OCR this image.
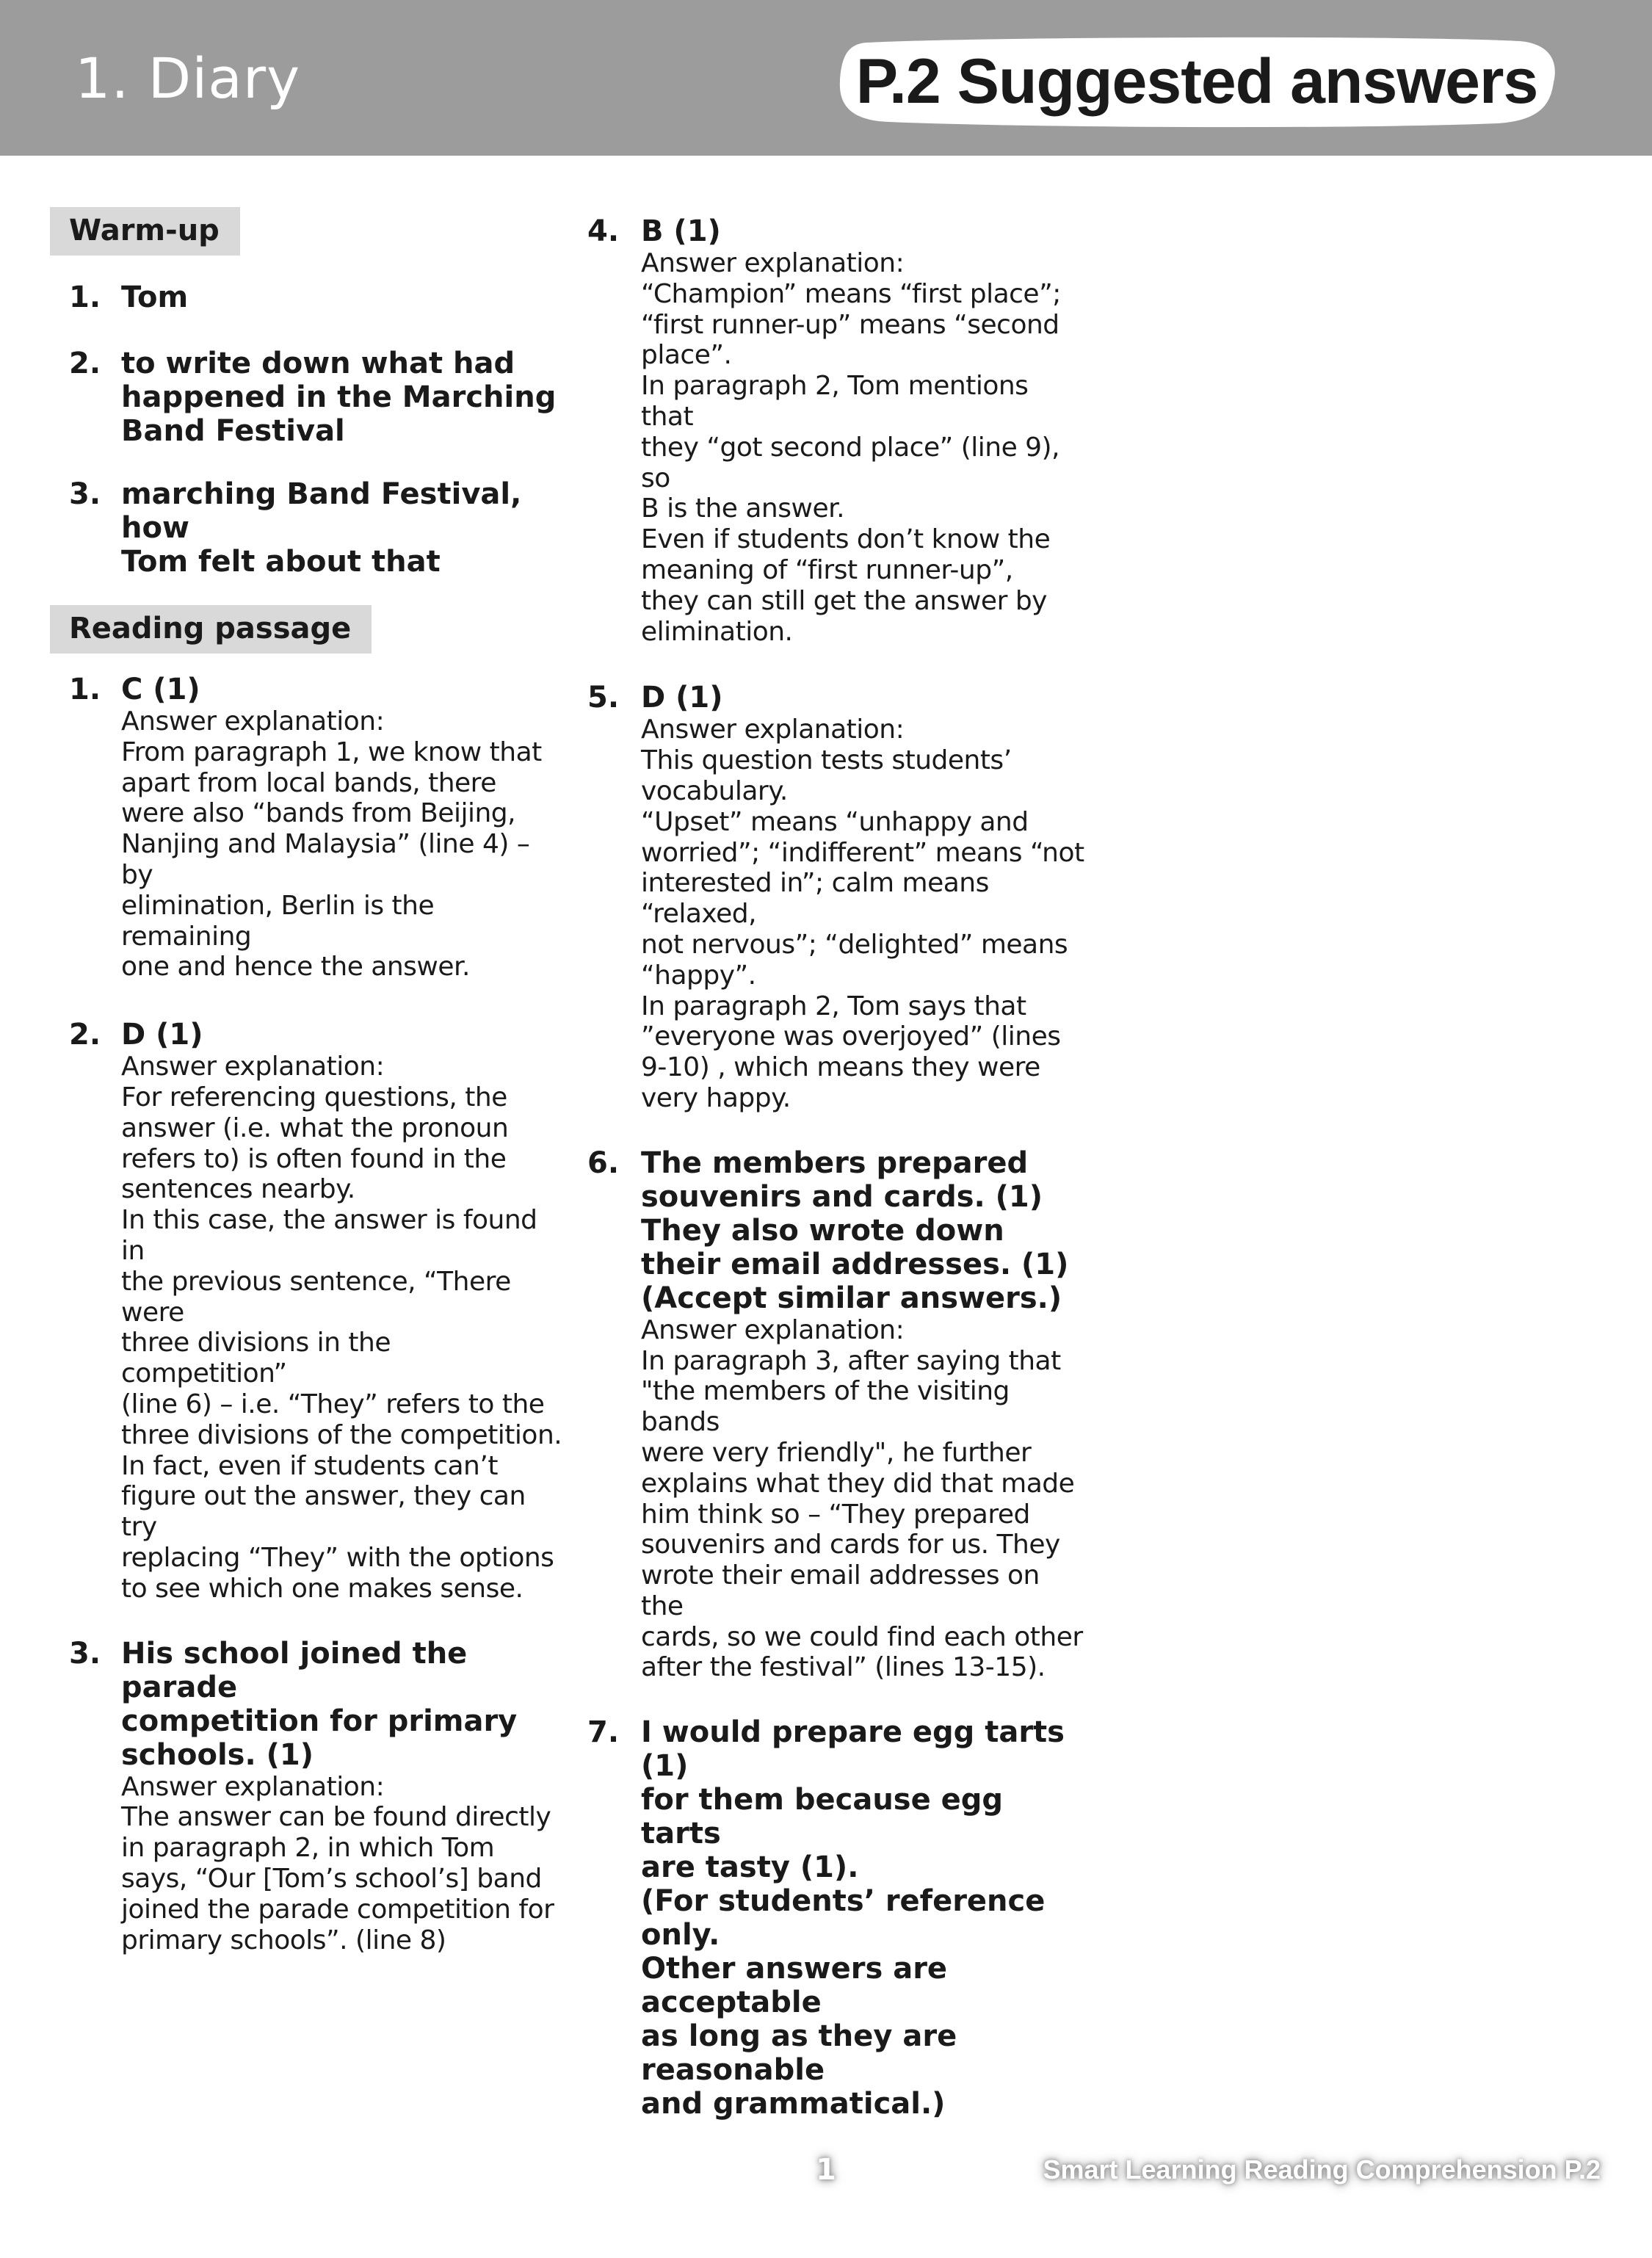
1. Diary	P.2 Suggested answers
Warm-up
1. Tom
2. to write down what had
happened in the Marching
Band Festival
3. marching Band Festival, how
Tom felt about that
Reading passage
1. C (1)
Answer explanation:
From paragraph 1, we know that
apart from local bands, there
were also “bands from Beijing,
Nanjing and Malaysia” (line 4) – by
elimination, Berlin is the remaining
one and hence the answer.
2. D (1)
Answer explanation:
For referencing questions, the
answer (i.e. what the pronoun
refers to) is often found in the
sentences nearby.
In this case, the answer is found in
the previous sentence, “There were
three divisions in the competition”
(line 6) – i.e. “They” refers to the
three divisions of the competition.
In fact, even if students can’t
figure out the answer, they can try
replacing “They” with the options
to see which one makes sense.
3. His school joined the parade
competition for primary
schools. (1)
Answer explanation:
The answer can be found directly
in paragraph 2, in which Tom
says, “Our [Tom’s school’s] band
joined the parade competition for
primary schools”. (line 8)
4. B (1)
Answer explanation:
“Champion” means “first place”;
“first runner-up” means “second
place”.
In paragraph 2, Tom mentions that
they “got second place” (line 9), so
B is the answer.
Even if students don’t know the
meaning of “first runner-up”,
they can still get the answer by
elimination.
5. D (1)
Answer explanation:
This question tests students’
vocabulary.
“Upset” means “unhappy and
worried”; “indifferent” means “not
interested in”; calm means “relaxed,
not nervous”; “delighted” means
“happy”.
In paragraph 2, Tom says that
”everyone was overjoyed” (lines
9-10) , which means they were
very happy.
6. The members prepared
souvenirs and cards. (1)
They also wrote down
their email addresses. (1)
(Accept similar answers.)
Answer explanation:
In paragraph 3, after saying that
"the members of the visiting bands
were very friendly", he further
explains what they did that made
him think so – “They prepared
souvenirs and cards for us. They
wrote their email addresses on the
cards, so we could find each other
after the festival” (lines 13-15).
7. I would prepare egg tarts (1)
for them because egg tarts
are tasty (1).
(For students’ reference only.
Other answers are acceptable
as long as they are reasonable
and grammatical.)
1	Smart Learning Reading Comprehension P.2
